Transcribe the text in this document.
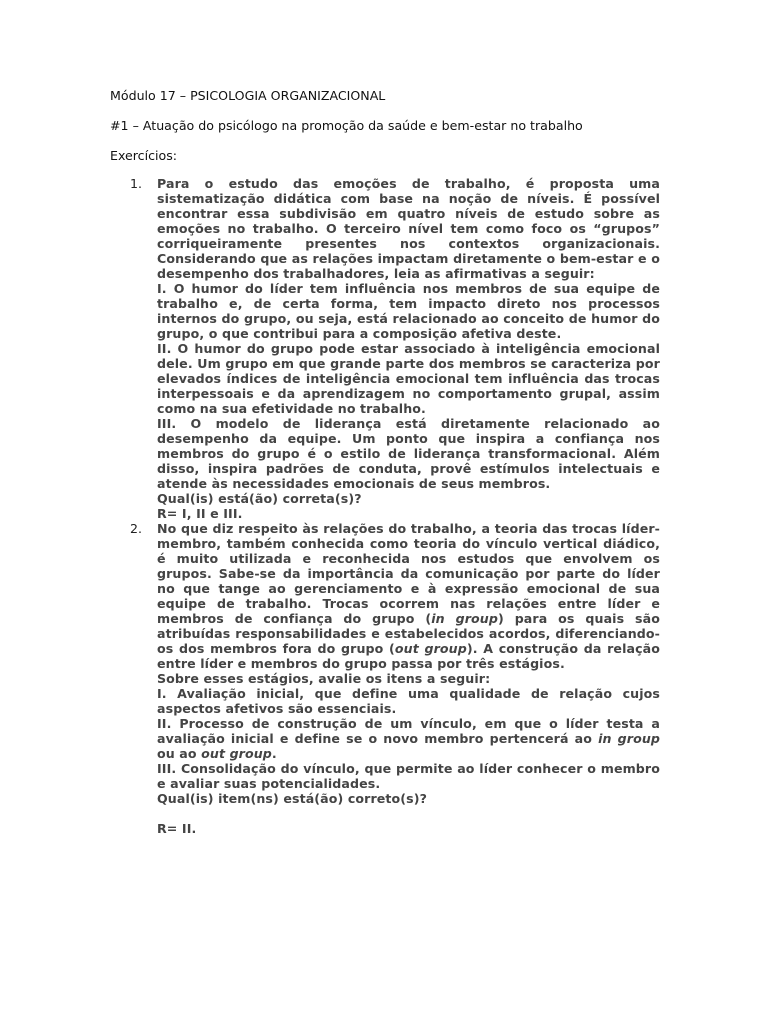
Módulo 17 – PSICOLOGIA ORGANIZACIONAL
#1 – Atuação do psicólogo na promoção da saúde e bem-estar no trabalho
Exercícios:
1.	Para o estudo das emoções de trabalho, é proposta uma sistematização didática com base na noção de níveis. É possível encontrar essa subdivisão em quatro níveis de estudo sobre as emoções no trabalho. O terceiro nível tem como foco os “grupos” corriqueiramente presentes nos contextos organizacionais. Considerando que as relações impactam diretamente o bem-estar e o desempenho dos trabalhadores, leia as afirmativas a seguir:

I. O humor do líder tem influência nos membros de sua equipe de trabalho e, de certa forma, tem impacto direto nos processos internos do grupo, ou seja, está relacionado ao conceito de humor do grupo, o que contribui para a composição afetiva deste.

II. O humor do grupo pode estar associado à inteligência emocional dele. Um grupo em que grande parte dos membros se caracteriza por elevados índices de inteligência emocional tem influência das trocas interpessoais e da aprendizagem no comportamento grupal, assim como na sua efetividade no trabalho.

III. O modelo de liderança está diretamente relacionado ao desempenho da equipe. Um ponto que inspira a confiança nos membros do grupo é o estilo de liderança transformacional. Além disso, inspira padrões de conduta, provê estímulos intelectuais e atende às necessidades emocionais de seus membros.

Qual(is) está(ão) correta(s)?

R= I, II e III.

2.	No que diz respeito às relações do trabalho, a teoria das trocas líder-membro, também conhecida como teoria do vínculo vertical diádico, é muito utilizada e reconhecida nos estudos que envolvem os grupos. Sabe-se da importância da comunicação por parte do líder no que tange ao gerenciamento e à expressão emocional de sua equipe de trabalho. Trocas ocorrem nas relações entre líder e membros de confiança do grupo (in group) para os quais são atribuídas responsabilidades e estabelecidos acordos, diferenciando-os dos membros fora do grupo (out group). A construção da relação entre líder e membros do grupo passa por três estágios.

Sobre esses estágios, avalie os itens a seguir:

I. Avaliação inicial, que define uma qualidade de relação cujos aspectos afetivos são essenciais.

II. Processo de construção de um vínculo, em que o líder testa a avaliação inicial e define se o novo membro pertencerá ao in group ou ao out group.

III. Consolidação do vínculo, que permite ao líder conhecer o membro e avaliar suas potencialidades.

Qual(is) item(ns) está(ão) correto(s)?

R= II.
